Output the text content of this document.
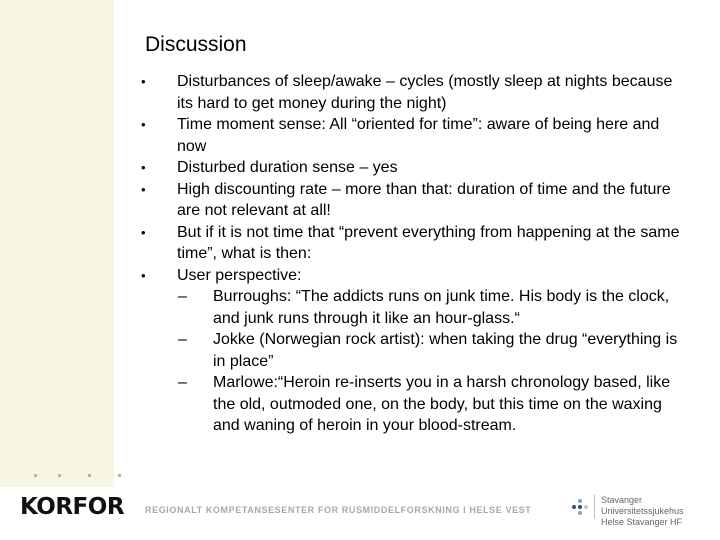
Discussion
•	Disturbances of sleep/awake – cycles (mostly sleep at nights because its hard to get money during the night)
•	Time moment sense: All “oriented for time”: aware of being here and now
•	Disturbed duration sense – yes
•	High discounting rate – more than that: duration of time and the future are not relevant at all!
•	But if it is not time that “prevent everything from happening at the same time”, what is then:
•	User perspective:
– Burroughs: “The addicts runs on junk time. His body is the clock, and junk runs through it like an hour-glass.“
– Jokke (Norwegian rock artist): when taking the drug “everything is in place”
– Marlowe:“Heroin re-inserts you in a harsh chronology based, like the old, outmoded one, on the body, but this time on the waxing and waning of heroin in your blood-stream.
KORFOR REGIONALT KOMPETANSESENTER FOR RUSMIDDELFORSKNING I HELSE VEST
Stavanger Universitetssjukehus
Helse Stavanger HF
